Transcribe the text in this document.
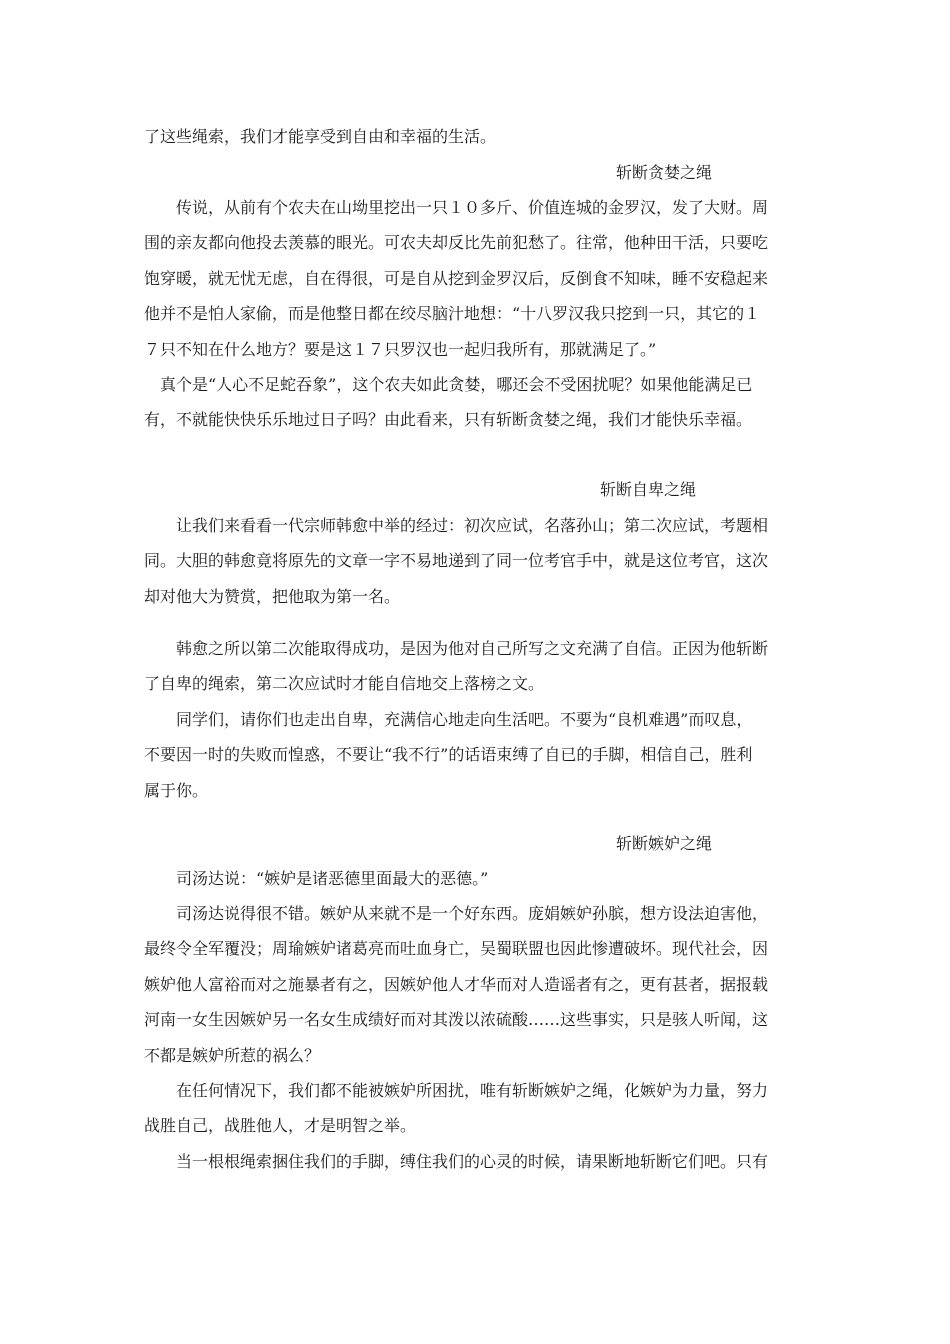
了这些绳索，我们才能享受到自由和幸福的生活。
斩断贪婪之绳
传说，从前有个农夫在山坳里挖出一只１０多斤、价值连城的金罗汉，发了大财。周
围的亲友都向他投去羡慕的眼光。可农夫却反比先前犯愁了。往常，他种田干活，只要吃
饱穿暖，就无忧无虑，自在得很，可是自从挖到金罗汉后，反倒食不知味，睡不安稳起来
他并不是怕人家偷，而是他整日都在绞尽脑汁地想：“十八罗汉我只挖到一只，其它的１
７只不知在什么地方？要是这１７只罗汉也一起归我所有，那就满足了。”
真个是“人心不足蛇吞象”，这个农夫如此贪婪，哪还会不受困扰呢？如果他能满足已
有，不就能快快乐乐地过日子吗？由此看来，只有斩断贪婪之绳，我们才能快乐幸福。
斩断自卑之绳
让我们来看看一代宗师韩愈中举的经过：初次应试，名落孙山；第二次应试，考题相
同。大胆的韩愈竟将原先的文章一字不易地递到了同一位考官手中，就是这位考官，这次
却对他大为赞赏，把他取为第一名。
韩愈之所以第二次能取得成功，是因为他对自己所写之文充满了自信。正因为他斩断
了自卑的绳索，第二次应试时才能自信地交上落榜之文。
同学们，请你们也走出自卑，充满信心地走向生活吧。不要为“良机难遇”而叹息，
不要因一时的失败而惶惑，不要让“我不行”的话语束缚了自已的手脚，相信自己，胜利
属于你。
斩断嫉妒之绳
司汤达说：“嫉妒是诸恶德里面最大的恶德。”
司汤达说得很不错。嫉妒从来就不是一个好东西。庞娟嫉妒孙膑，想方设法迫害他，
最终令全军覆没；周瑜嫉妒诸葛亮而吐血身亡，吴蜀联盟也因此惨遭破坏。现代社会，因
嫉妒他人富裕而对之施暴者有之，因嫉妒他人才华而对人造谣者有之，更有甚者，据报载
河南一女生因嫉妒另一名女生成绩好而对其泼以浓硫酸……这些事实，只是骇人听闻，这
不都是嫉妒所惹的祸么？
在任何情况下，我们都不能被嫉妒所困扰，唯有斩断嫉妒之绳，化嫉妒为力量，努力
战胜自己，战胜他人，才是明智之举。
当一根根绳索捆住我们的手脚，缚住我们的心灵的时候，请果断地斩断它们吧。只有
